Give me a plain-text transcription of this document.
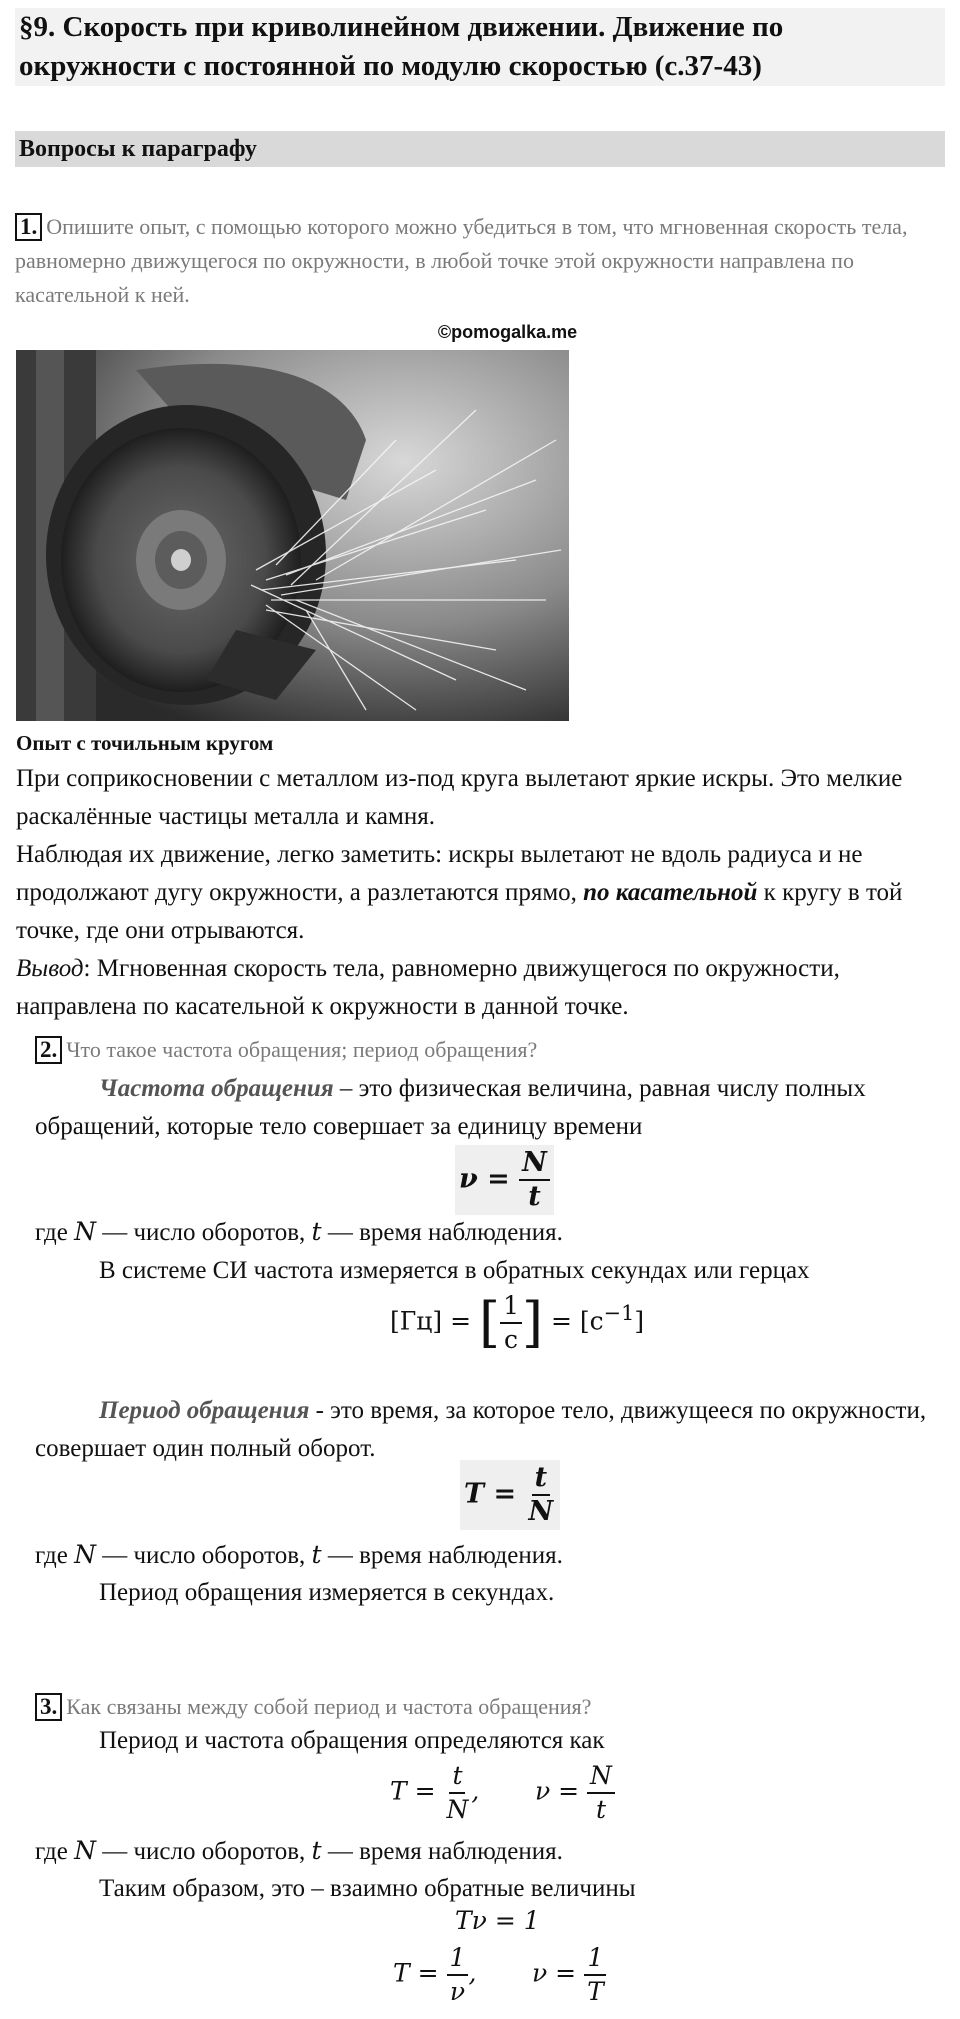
§9. Скорость при криволинейном движении. Движение по окружности с постоянной по модулю скоростью (с.37-43)
Вопросы к параграфу
1. Опишите опыт, с помощью которого можно убедиться в том, что мгновенная скорость тела, равномерно движущегося по окружности, в любой точке этой окружности направлена по касательной к ней.
©pomogalka.me
Опыт с точильным кругом
При соприкосновении с металлом из-под круга вылетают яркие искры. Это мелкие раскалённые частицы металла и камня.
Наблюдая их движение, легко заметить: искры вылетают не вдоль радиуса и не продолжают дугу окружности, а разлетаются прямо, по касательной к кругу в той точке, где они отрываются.
Вывод: Мгновенная скорость тела, равномерно движущегося по окружности, направлена по касательной к окружности в данной точке.
2. Что такое частота обращения; период обращения?
Частота обращения – это физическая величина, равная числу полных обращений, которые тело совершает за единицу времени
$\nu = \frac{N}{t}$
где N — число оборотов, t — время наблюдения.
В системе СИ частота измеряется в обратных секундах или герцах
[Гц] = [ $\frac{1}{с}$ ] = $[с^{-1}]$
Период обращения - это время, за которое тело, движущееся по окружности, совершает один полный оборот.
$T = \frac{t}{N}$
где N — число оборотов, t — время наблюдения.
Период обращения измеряется в секундах.
3. Как связаны между собой период и частота обращения?
Период и частота обращения определяются как
$T = \frac{t}{N}$ ,       $\nu = \frac{N}{t}$
где N — число оборотов, t — время наблюдения.
Таким образом, это – взаимно обратные величины
Tν = 1
$T = \frac{1}{\nu}$ ,       $\nu = \frac{1}{T}$
